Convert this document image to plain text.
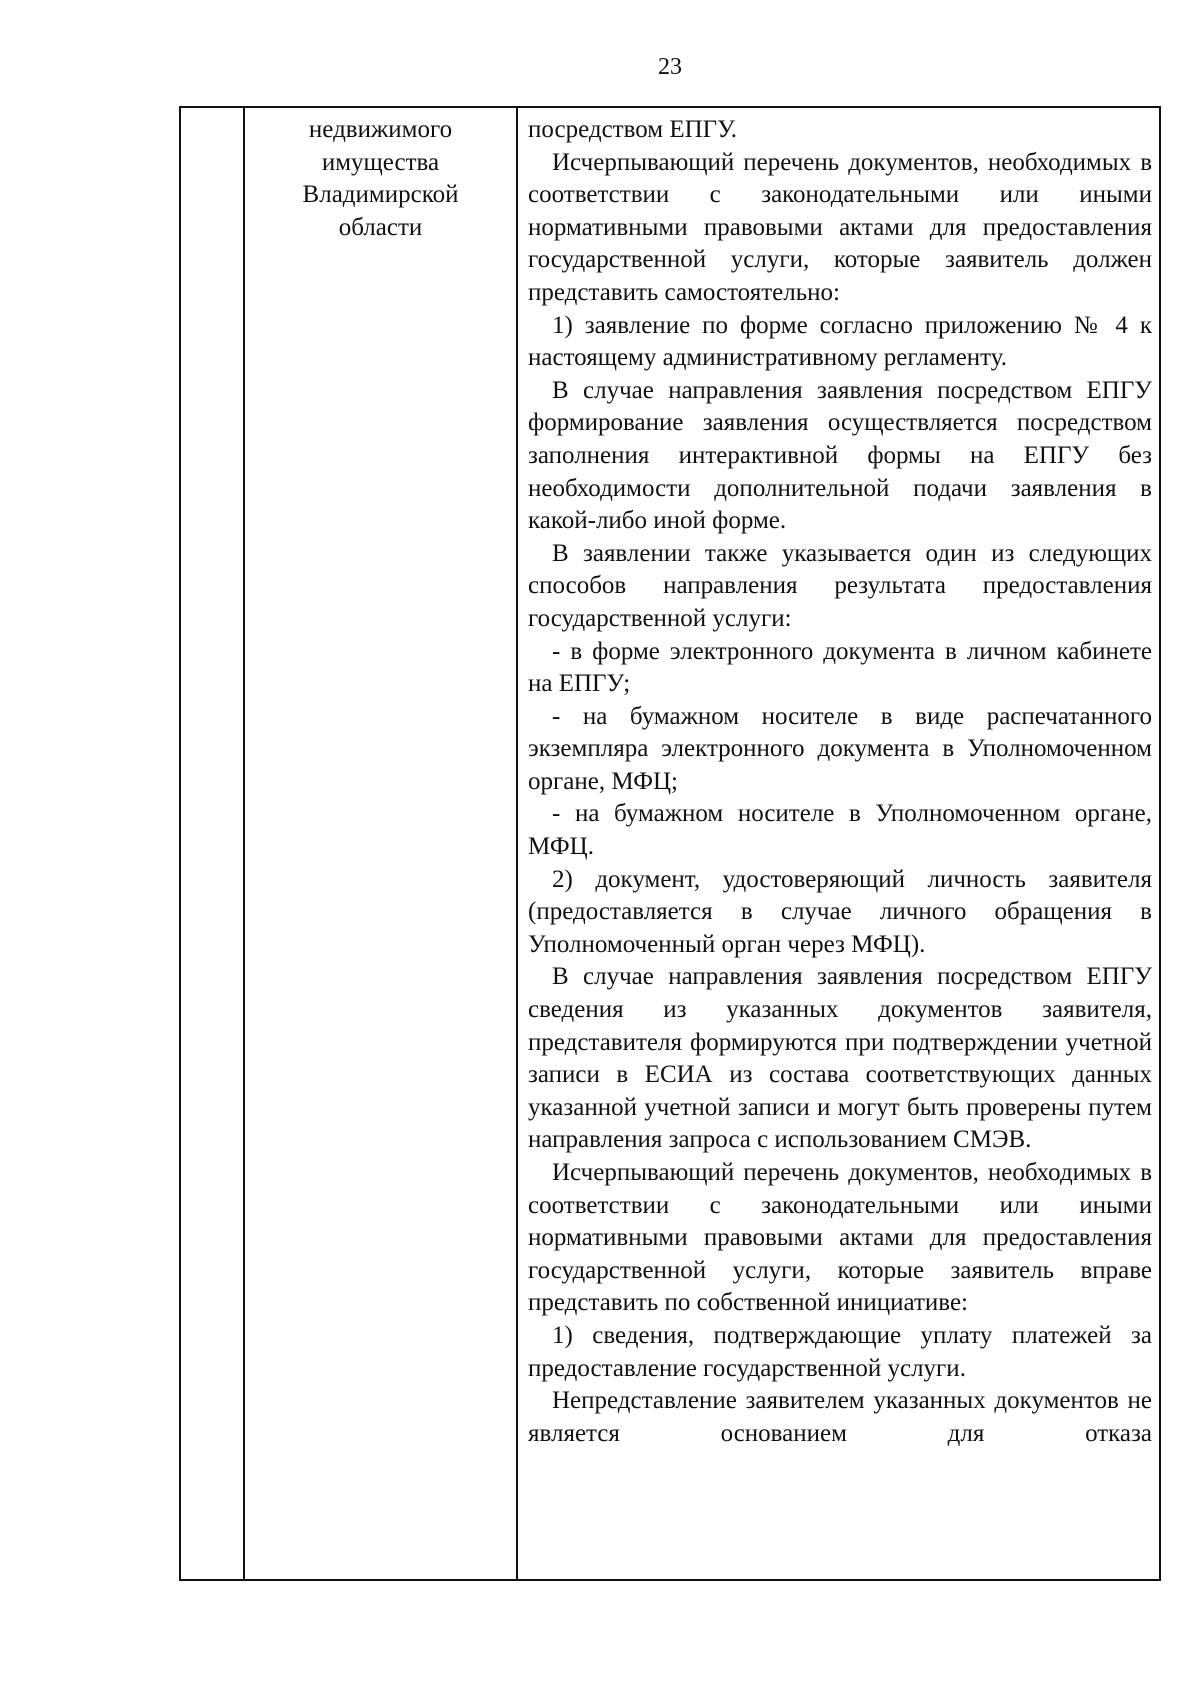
23
недвижимого
имущества
Владимирской
области

посредством ЕПГУ.

Исчерпывающий перечень документов, необходимых в соответствии с законодательными или иными нормативными правовыми актами для предоставления государственной услуги, которые заявитель должен представить самостоятельно:

1) заявление по форме согласно приложению № 4 к настоящему административному регламенту.

В случае направления заявления посредством ЕПГУ формирование заявления осуществляется посредством заполнения интерактивной формы на ЕПГУ без необходимости дополнительной подачи заявления в какой-либо иной форме.

В заявлении также указывается один из следующих способов направления результата предоставления государственной услуги:

- в форме электронного документа в личном кабинете на ЕПГУ;

- на бумажном носителе в виде распечатанного экземпляра электронного документа в Уполномоченном органе, МФЦ;

- на бумажном носителе в Уполномоченном органе, МФЦ.

2) документ, удостоверяющий личность заявителя (предоставляется в случае личного обращения в Уполномоченный орган через МФЦ).

В случае направления заявления посредством ЕПГУ сведения из указанных документов заявителя, представителя формируются при подтверждении учетной записи в ЕСИА из состава соответствующих данных указанной учетной записи и могут быть проверены путем направления запроса с использованием СМЭВ.

Исчерпывающий перечень документов, необходимых в соответствии с законодательными или иными нормативными правовыми актами для предоставления государственной услуги, которые заявитель вправе представить по собственной инициативе:

1) сведения, подтверждающие уплату платежей за предоставление государственной услуги.

Непредставление заявителем указанных документов не является основанием для отказа
